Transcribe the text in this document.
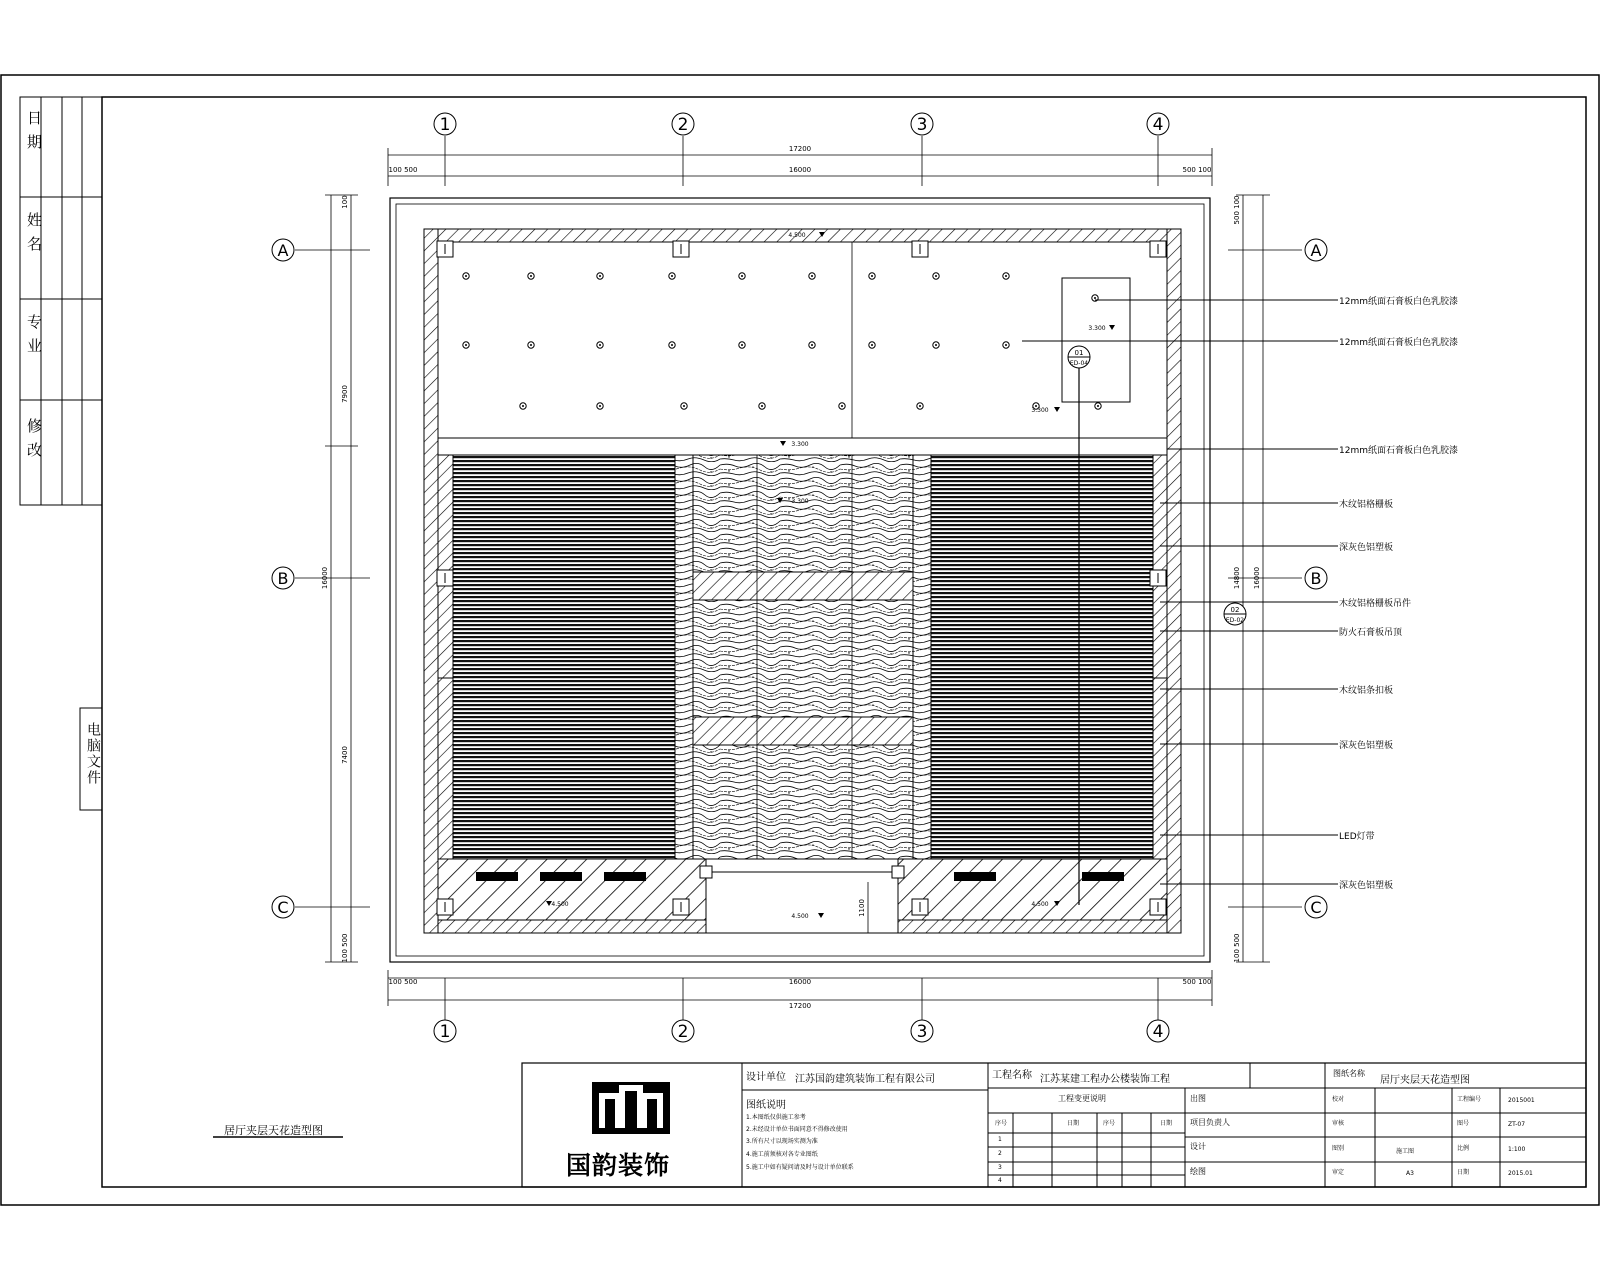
1
1
2
2
3
3
4
4
A	A
B	B
C	C
17200
16000
100 500	500 100
16000
17200
100 500	500 100
16000
7900
7400
100
100 500
16000
14800
500 100
100 500
1100
4.500
3.300
3.300
3.300
3.300
4.500
4.500
4.500
01
ED-04
02
ED-02
日 期
姓 名
专 业
修 改
电脑文件
12mm纸面石膏板白色乳胶漆
12mm纸面石膏板白色乳胶漆
12mm纸面石膏板白色乳胶漆
木纹铝格栅板
深灰色铝塑板
木纹铝格栅板吊件
防火石膏板吊顶
木纹铝条扣板
深灰色铝塑板
LED灯带
深灰色铝塑板
居厅夹层天花造型图
国韵装饰
设计单位 江苏国韵建筑装饰工程有限公司
图纸说明
1.本图纸仅供施工参考
2.未经设计单位书面同意不得修改使用
3.所有尺寸以现场实测为准
4.施工前须核对各专业图纸
5.施工中如有疑问请及时与设计单位联系
工程名称 江苏某建工程办公楼装饰工程
工程变更说明
序号	日期	序号	日期
1
2
3
4
出图
项目负责人
设计
绘图
图纸名称
居厅夹层天花造型图
校对	工程编号	2015001
审核	图号	ZT-07
图别	施工图	比例	1:100
审定	A3	日期	2015.01
